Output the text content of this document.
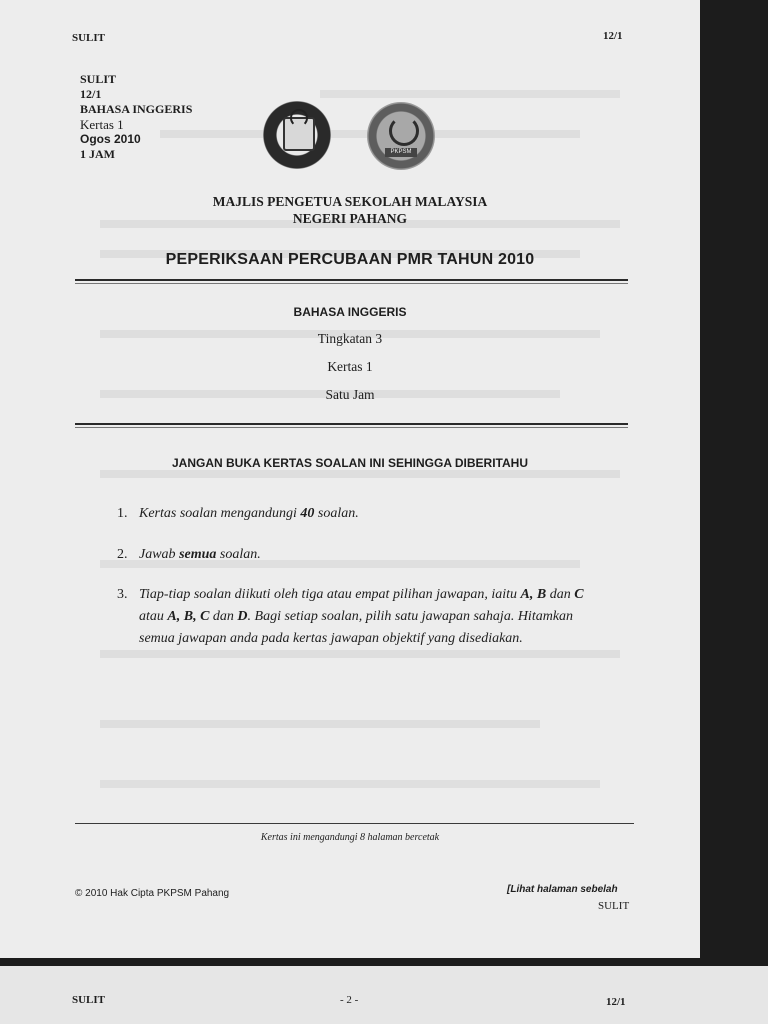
SULIT	12/1
SULIT
12/1
BAHASA INGGERIS
Kertas 1
Ogos 2010
1 JAM	PKPSM
MAJLIS PENGETUA SEKOLAH MALAYSIA
NEGERI PAHANG
PEPERIKSAAN PERCUBAAN PMR TAHUN 2010
BAHASA INGGERIS
Tingkatan 3
Kertas 1
Satu Jam
JANGAN BUKA KERTAS SOALAN INI SEHINGGA DIBERITAHU
1. Kertas soalan mengandungi 40 soalan.
2. Jawab semua soalan.
3. Tiap-tiap soalan diikuti oleh tiga atau empat pilihan jawapan, iaitu A, B dan C
atau A, B, C dan D. Bagi setiap soalan, pilih satu jawapan sahaja. Hitamkan
semua jawapan anda pada kertas jawapan objektif yang disediakan.
Kertas ini mengandungi 8 halaman bercetak
© 2010 Hak Cipta PKPSM Pahang	[Lihat halaman sebelah
SULIT
SULIT	- 2 -	12/1
